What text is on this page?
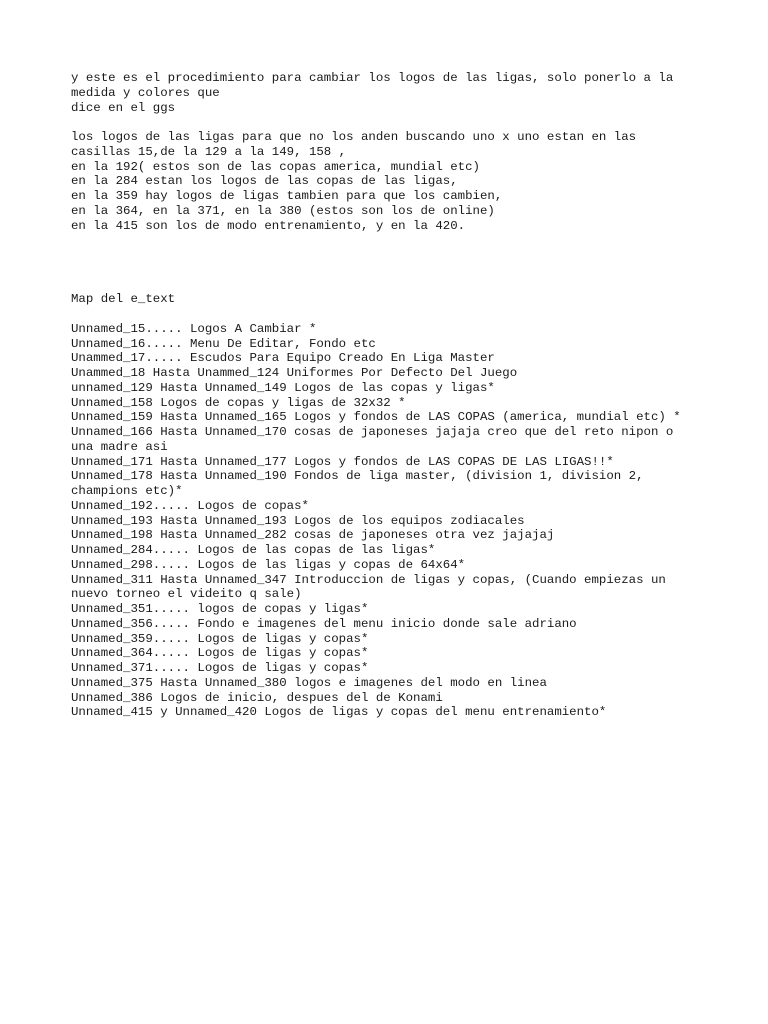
y este es el procedimiento para cambiar los logos de las ligas, solo ponerlo a la
medida y colores que
dice en el ggs
los logos de las ligas para que no los anden buscando uno x uno estan en las
casillas 15,de la 129 a la 149, 158 ,
en la 192( estos son de las copas america, mundial etc)
en la 284 estan los logos de las copas de las ligas,
en la 359 hay logos de ligas tambien para que los cambien,
en la 364, en la 371, en la 380 (estos son los de online)
en la 415 son los de modo entrenamiento, y en la 420.
Map del e_text
Unnamed_15..... Logos A Cambiar *
Unnamed_16..... Menu De Editar, Fondo etc
Unammed_17..... Escudos Para Equipo Creado En Liga Master
Unammed_18 Hasta Unammed_124 Uniformes Por Defecto Del Juego
unnamed_129 Hasta Unnamed_149 Logos de las copas y ligas*
Unnamed_158 Logos de copas y ligas de 32x32 *
Unnamed_159 Hasta Unnamed_165 Logos y fondos de LAS COPAS (america, mundial etc) *
Unnamed_166 Hasta Unnamed_170 cosas de japoneses jajaja creo que del reto nipon o
una madre asi
Unnamed_171 Hasta Unnamed_177 Logos y fondos de LAS COPAS DE LAS LIGAS!!*
Unnamed_178 Hasta Unnamed_190 Fondos de liga master, (division 1, division 2,
champions etc)*
Unnamed_192..... Logos de copas*
Unnamed_193 Hasta Unnamed_193 Logos de los equipos zodiacales
Unnamed_198 Hasta Unnamed_282 cosas de japoneses otra vez jajajaj
Unnamed_284..... Logos de las copas de las ligas*
Unnamed_298..... Logos de las ligas y copas de 64x64*
Unnamed_311 Hasta Unnamed_347 Introduccion de ligas y copas, (Cuando empiezas un
nuevo torneo el videito q sale)
Unnamed_351..... logos de copas y ligas*
Unnamed_356..... Fondo e imagenes del menu inicio donde sale adriano
Unnamed_359..... Logos de ligas y copas*
Unnamed_364..... Logos de ligas y copas*
Unnamed_371..... Logos de ligas y copas*
Unnamed_375 Hasta Unnamed_380 logos e imagenes del modo en linea
Unnamed_386 Logos de inicio, despues del de Konami
Unnamed_415 y Unnamed_420 Logos de ligas y copas del menu entrenamiento*
